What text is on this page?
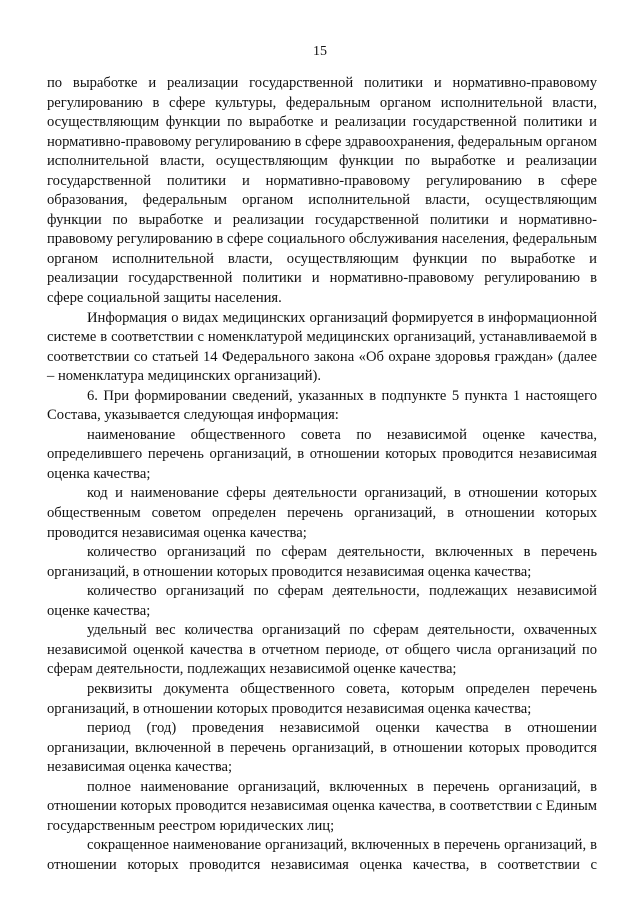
15

по выработке и реализации государственной политики и нормативно-правовому регулированию в сфере культуры, федеральным органом исполнительной власти, осуществляющим функции по выработке и реализации государственной политики и нормативно-правовому регулированию в сфере здравоохранения, федеральным органом исполнительной власти, осуществляющим функции по выработке и реализации государственной политики и нормативно-правовому регулированию в сфере образования, федеральным органом исполнительной власти, осуществляющим функции по выработке и реализации государственной политики и нормативно-правовому регулированию в сфере социального обслуживания населения, федеральным органом исполнительной власти, осуществляющим функции по выработке и реализации государственной политики и нормативно-правовому регулированию в сфере социальной защиты населения.

Информация о видах медицинских организаций формируется в информационной системе в соответствии с номенклатурой медицинских организаций, устанавливаемой в соответствии со статьей 14 Федерального закона «Об охране здоровья граждан» (далее – номенклатура медицинских организаций).

6. При формировании сведений, указанных в подпункте 5 пункта 1 настоящего Состава, указывается следующая информация:

наименование общественного совета по независимой оценке качества, определившего перечень организаций, в отношении которых проводится независимая оценка качества;

код и наименование сферы деятельности организаций, в отношении которых общественным советом определен перечень организаций, в отношении которых проводится независимая оценка качества;

количество организаций по сферам деятельности, включенных в перечень организаций, в отношении которых проводится независимая оценка качества;

количество организаций по сферам деятельности, подлежащих независимой оценке качества;

удельный вес количества организаций по сферам деятельности, охваченных независимой оценкой качества в отчетном периоде, от общего числа организаций по сферам деятельности, подлежащих независимой оценке качества;

реквизиты документа общественного совета, которым определен перечень организаций, в отношении которых проводится независимая оценка качества;

период (год) проведения независимой оценки качества в отношении организации, включенной в перечень организаций, в отношении которых проводится независимая оценка качества;

полное наименование организаций, включенных в перечень организаций, в отношении которых проводится независимая оценка качества, в соответствии с Единым государственным реестром юридических лиц;

сокращенное наименование организаций, включенных в перечень организаций, в отношении которых проводится независимая оценка качества, в соответствии с
